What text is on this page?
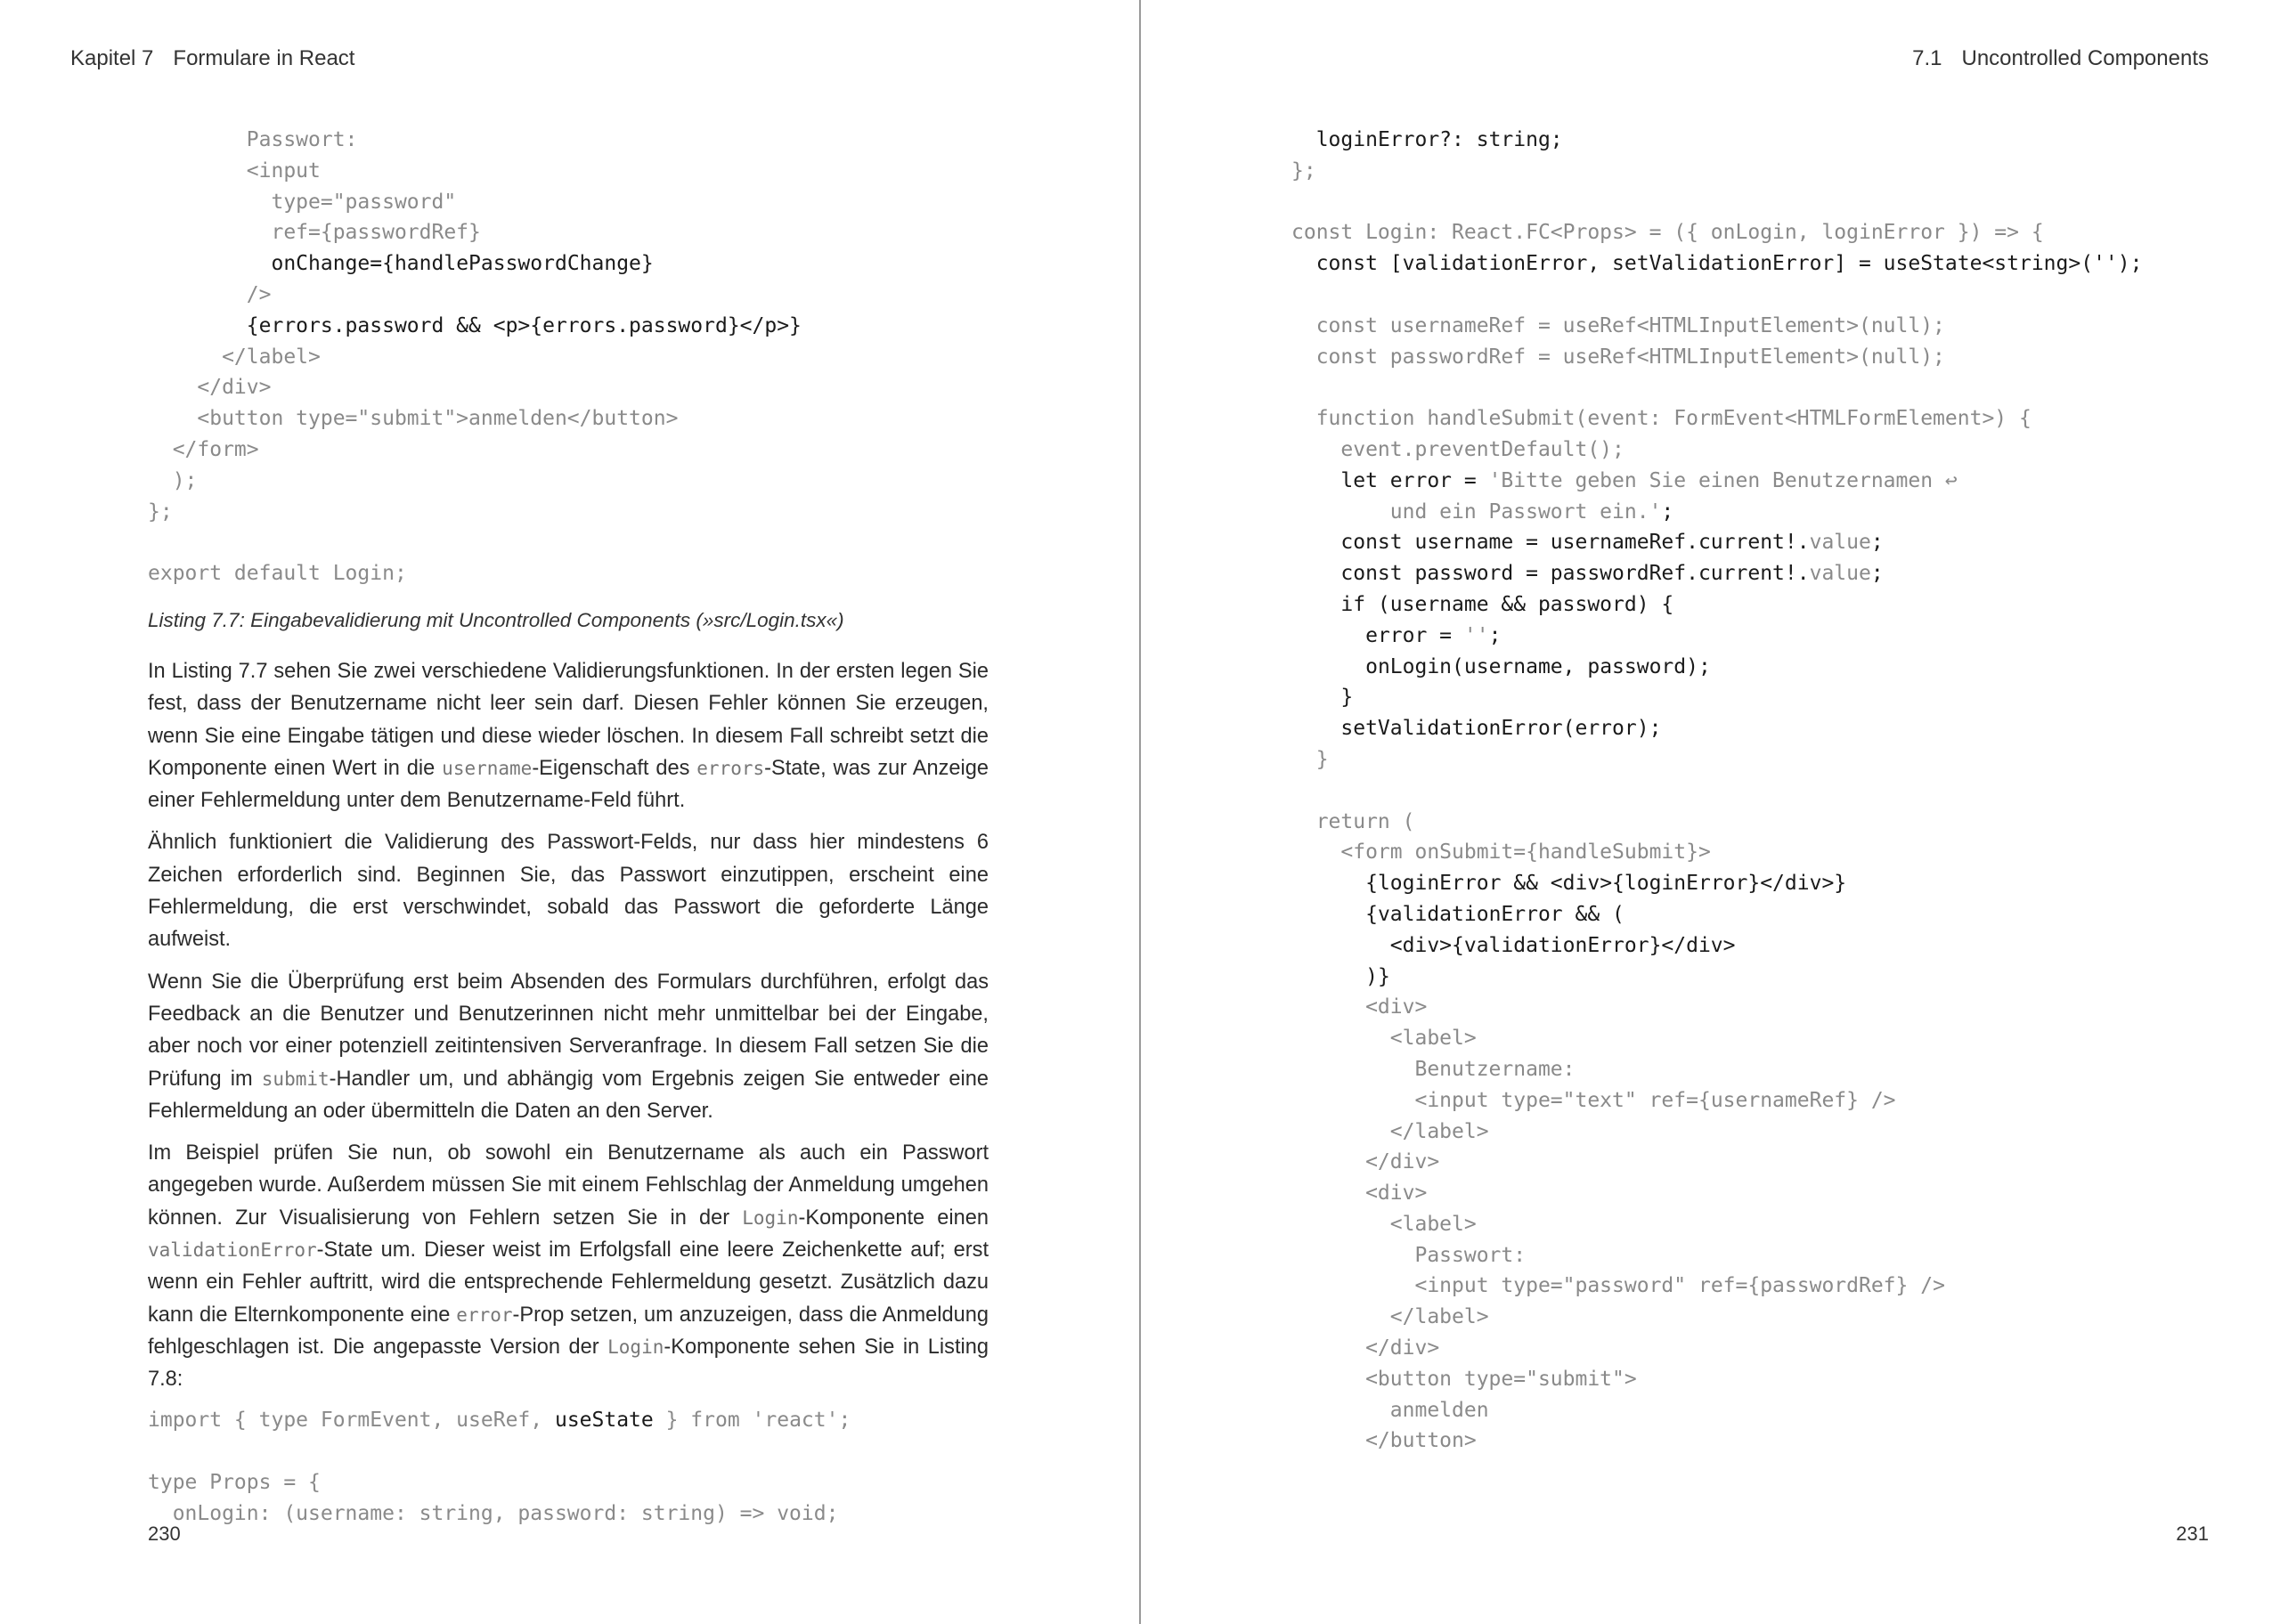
Kapitel 7 Formulare in React
Passwort:
<input
type="password"
ref={passwordRef}
onChange={handlePasswordChange}
/>
{errors.password && <p>{errors.password}</p>}
</label>
</div>
<button type="submit">anmelden</button>
</form>
);
};
export default Login;
Listing 7.7: Eingabevalidierung mit Uncontrolled Components (»src/Login.tsx«)

In Listing 7.7 sehen Sie zwei verschiedene Validierungsfunktionen. In der ersten legen Sie fest, dass der Benutzername nicht leer sein darf. Diesen Fehler können Sie erzeugen, wenn Sie eine Eingabe tätigen und diese wieder löschen. In diesem Fall schreibt setzt die Komponente einen Wert in die username-Eigenschaft des errors-State, was zur Anzeige einer Fehlermeldung unter dem Benutzername-Feld führt.

Ähnlich funktioniert die Validierung des Passwort-Felds, nur dass hier mindestens 6 Zeichen erforderlich sind. Beginnen Sie, das Passwort einzutippen, erscheint eine Fehlermeldung, die erst verschwindet, sobald das Passwort die geforderte Länge aufweist.

Wenn Sie die Überprüfung erst beim Absenden des Formulars durchführen, erfolgt das Feedback an die Benutzer und Benutzerinnen nicht mehr unmittelbar bei der Eingabe, aber noch vor einer potenziell zeitintensiven Serveranfrage. In diesem Fall setzen Sie die Prüfung im submit-Handler um, und abhängig vom Ergebnis zeigen Sie entweder eine Fehlermeldung an oder übermitteln die Daten an den Server.

Im Beispiel prüfen Sie nun, ob sowohl ein Benutzername als auch ein Passwort angegeben wurde. Außerdem müssen Sie mit einem Fehlschlag der Anmeldung umgehen können. Zur Visualisierung von Fehlern setzen Sie in der Login-Komponente einen validationError-State um. Dieser weist im Erfolgsfall eine leere Zeichenkette auf; erst wenn ein Fehler auftritt, wird die entsprechende Fehlermeldung gesetzt. Zusätzlich dazu kann die Elternkomponente eine error-Prop setzen, um anzuzeigen, dass die Anmeldung fehlgeschlagen ist. Die angepasste Version der Login-Komponente sehen Sie in Listing 7.8:

import { type FormEvent, useRef, useState } from 'react';
type Props = {
onLogin: (username: string, password: string) => void;
230
7.1 Uncontrolled Components
231
loginError?: string;
};
const Login: React.FC<Props> = ({ onLogin, loginError }) => {
const [validationError, setValidationError] = useState<string>('');
const usernameRef = useRef<HTMLInputElement>(null);
const passwordRef = useRef<HTMLInputElement>(null);
function handleSubmit(event: FormEvent<HTMLFormElement>) {
event.preventDefault();
let error = 'Bitte geben Sie einen Benutzernamen ↩
und ein Passwort ein.';
const username = usernameRef.current!.value;
const password = passwordRef.current!.value;
if (username && password) {
error = '';
onLogin(username, password);
}
setValidationError(error);
}
return (
<form onSubmit={handleSubmit}>
{loginError && <div>{loginError}</div>}
{validationError && (
<div>{validationError}</div>
)}
<div>
<label>
Benutzername:
<input type="text" ref={usernameRef} />
</label>
</div>
<div>
<label>
Passwort:
<input type="password" ref={passwordRef} />
</label>
</div>
<button type="submit">
anmelden
</button>
